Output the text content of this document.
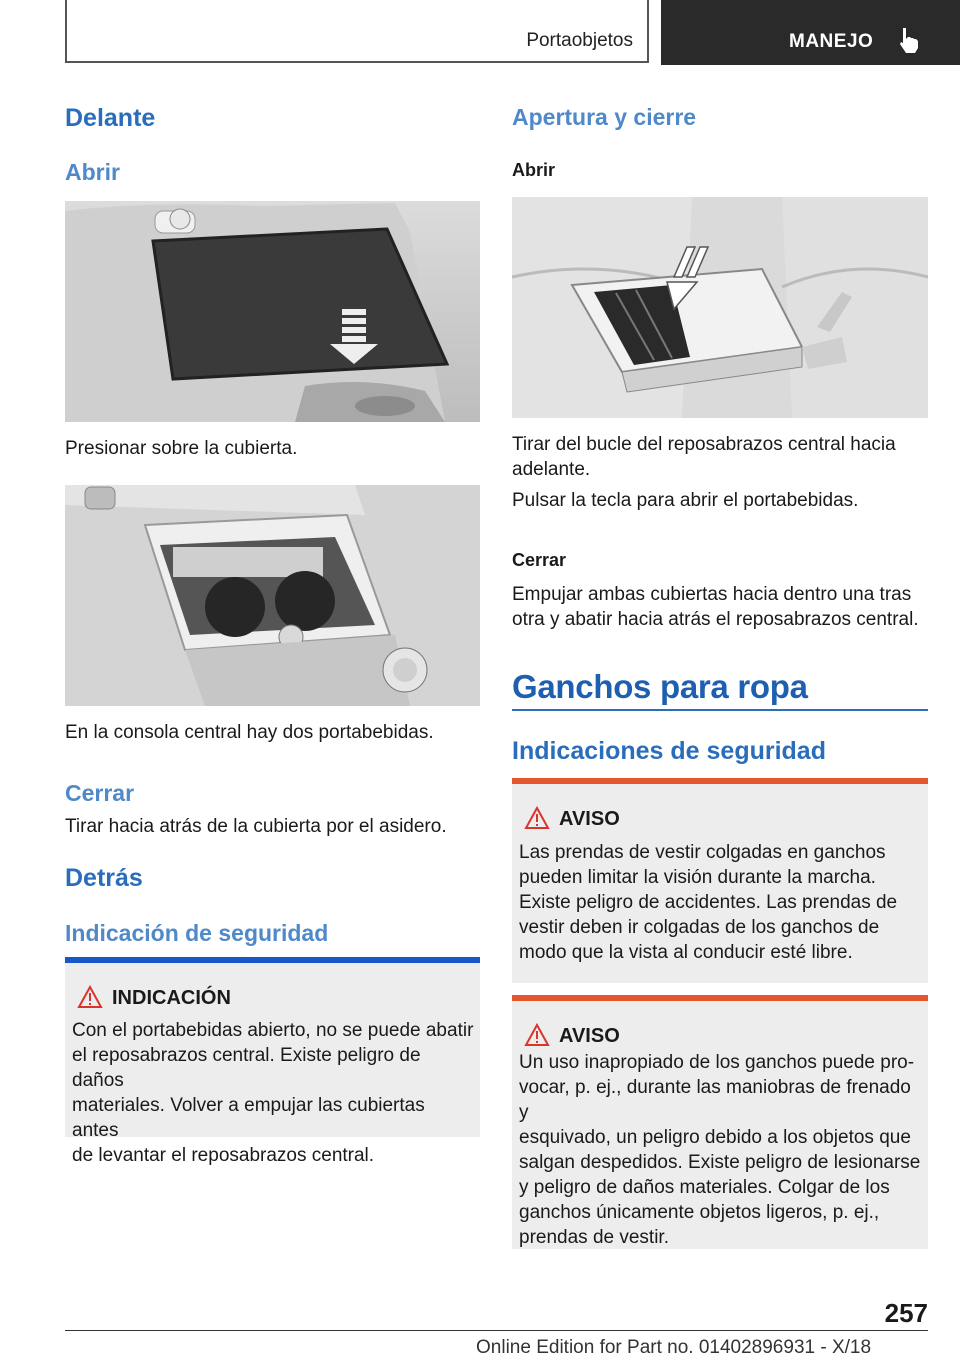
Portaobjetos	MANEJO
Delante
Abrir

Presionar sobre la cubierta.

En la consola central hay dos portabebidas.

Cerrar

Tirar hacia atrás de la cubierta por el asidero.

Detrás
Indicación de seguridad
INDICACIÓN
Con el portabebidas abierto, no se puede abatir
el reposabrazos central. Existe peligro de daños
materiales. Volver a empujar las cubiertas antes
de levantar el reposabrazos central.
Apertura y cierre
Abrir
Tirar del bucle del reposabrazos central hacia
adelante.

Pulsar la tecla para abrir el portabebidas.

Cerrar
Empujar ambas cubiertas hacia dentro una tras
otra y abatir hacia atrás el reposabrazos central.
Ganchos para ropa
Indicaciones de seguridad
AVISO
Las prendas de vestir colgadas en ganchos
pueden limitar la visión durante la marcha.
Existe peligro de accidentes. Las prendas de
vestir deben ir colgadas de los ganchos de
modo que la vista al conducir esté libre.
AVISO
Un uso inapropiado de los ganchos puede pro-
vocar, p. ej., durante las maniobras de frenado y
esquivado, un peligro debido a los objetos que
salgan despedidos. Existe peligro de lesionarse
y peligro de daños materiales. Colgar de los
ganchos únicamente objetos ligeros, p. ej.,
prendas de vestir.
257
Online Edition for Part no. 01402896931 - X/18
